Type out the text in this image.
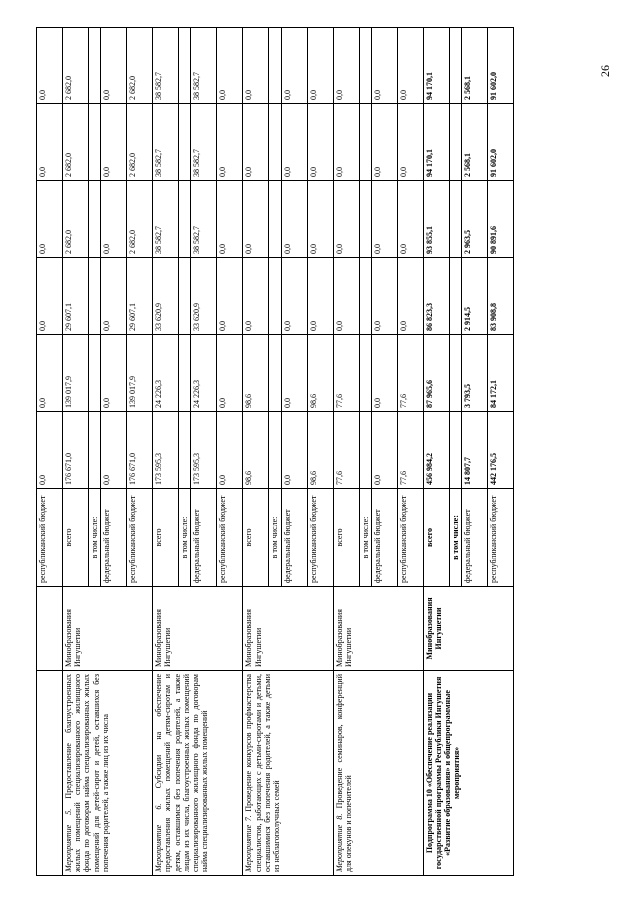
26
		республиканский бюджет	0,0	0,0	0,0	0,0	0,0	0,0
Мероприятие 5. Предоставление благоустроенных жилых помещений специализированного жилищного фонда по договорам найма специализированных жилых помещений для детей-сирот и детей, оставшихся без попечения родителей, а также лиц из их числа	Минобразования Ингушетии	всего	176 671,0	139 017,9	29 607,1	2 682,0	2 682,0	2 682,0
		в том числе:						
		федеральный бюджет	0,0	0,0	0,0	0,0	0,0	0,0
		республиканский бюджет	176 671,0	139 017,9	29 607,1	2 682,0	2 682,0	2 682,0
Мероприятие 6. Субсидии на обеспечение предоставления жилых помещений детям-сиротам и детям, оставшимся без попечения родителей, а также лицам из их числа, благоустроенных жилых помещений специализированного жилищного фонда по договорам найма специализированных жилых помещений	Минобразования Ингушетии	всего	173 595,3	24 226,3	33 620,9	38 582,7	38 582,7	38 582,7
		в том числе:						
		федеральный бюджет	173 595,3	24 226,3	33 620,9	38 582,7	38 582,7	38 582,7
		республиканский бюджет	0,0	0,0	0,0	0,0	0,0	0,0
Мероприятие 7. Проведение конкурсов профмастерства специалистов, работающих с детьми-сиротами и детьми, оставшимися без попечения родителей, а также детьми из неблагополучных семей	Минобразования Ингушетии	всего	98,6	98,6	0,0	0,0	0,0	0,0
		в том числе:						
		федеральный бюджет	0,0	0,0	0,0	0,0	0,0	0,0
		республиканский бюджет	98,6	98,6	0,0	0,0	0,0	0,0
Мероприятие 8. Проведение семинаров, конференций для опекунов и попечителей	Минобразования Ингушетии	всего	77,6	77,6	0,0	0,0	0,0	0,0
		в том числе:						
		федеральный бюджет	0,0	0,0	0,0	0,0	0,0	0,0
		республиканский бюджет	77,6	77,6	0,0	0,0	0,0	0,0
Подпрограмма 10 «Обеспечение реализации государственной программы Республики Ингушетия «Развитие образования» и общепрограммные мероприятия»	Минобразования Ингушетии	всего	456 984,2	87 965,6	86 823,3	93 855,1	94 170,1	94 170,1
		в том числе:						
		федеральный бюджет	14 807,7	3 793,5	2 914,5	2 963,5	2 568,1	2 568,1
		республиканский бюджет	442 176,5	84 172,1	83 908,8	90 891,6	91 602,0	91 602,0
